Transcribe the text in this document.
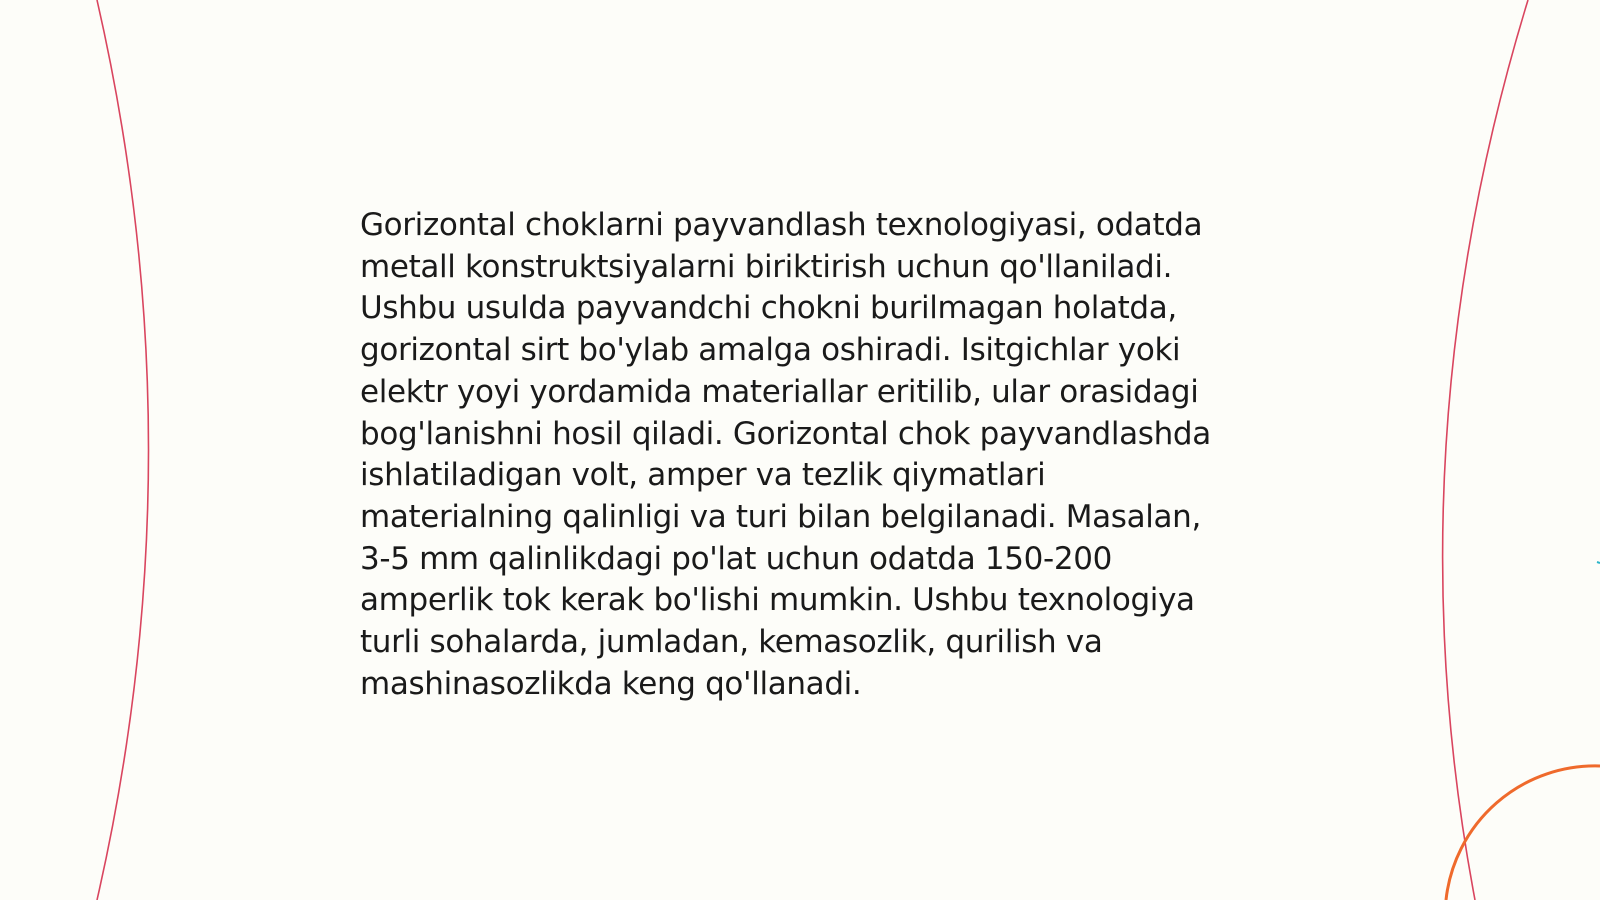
Gorizontal choklarni payvandlash texnologiyasi, odatda metall konstruktsiyalarni biriktirish uchun qo'llaniladi. Ushbu usulda payvandchi chokni burilmagan holatda, gorizontal sirt bo'ylab amalga oshiradi. Isitgichlar yoki elektr yoyi yordamida materiallar eritilib, ular orasidagi bog'lanishni hosil qiladi. Gorizontal chok payvandlashda ishlatiladigan volt, amper va tezlik qiymatlari materialning qalinligi va turi bilan belgilanadi. Masalan, 3-5 mm qalinlikdagi po'lat uchun odatda 150-200 amperlik tok kerak bo'lishi mumkin. Ushbu texnologiya turli sohalarda, jumladan, kemasozlik, qurilish va mashinasozlikda keng qo'llanadi.
